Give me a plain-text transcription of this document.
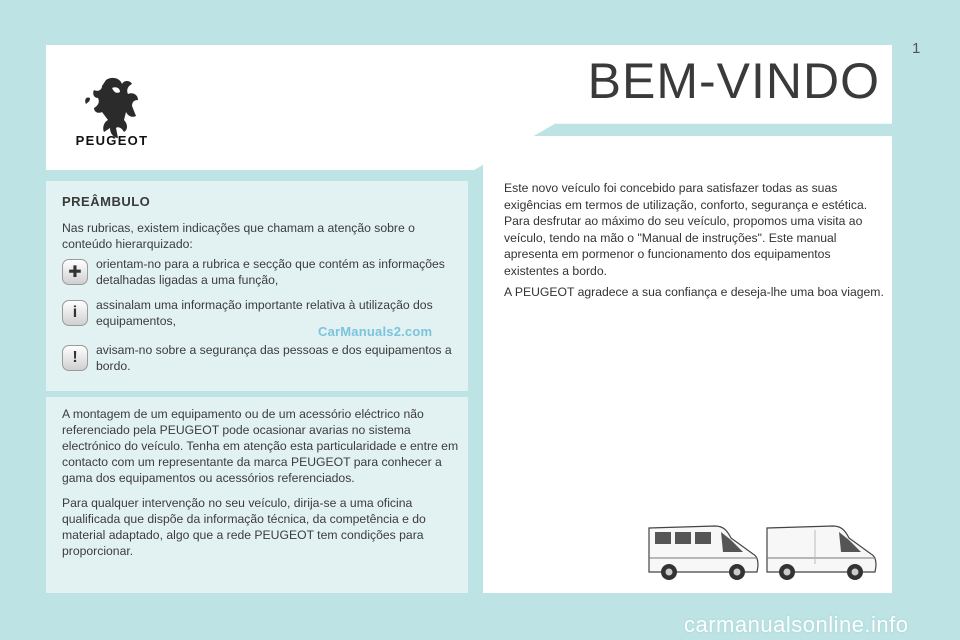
1
PEUGEOT
BEM-VINDO

Este novo veículo foi concebido para satisfazer todas as suas exigências em termos de utilização, conforto, segurança e estética. Para desfrutar ao máximo do seu veículo, propomos uma visita ao veículo, tendo na mão o "Manual de instruções". Este manual apresenta em pormenor o funcionamento dos equipamentos existentes a bordo.

A PEUGEOT agradece a sua confiança e deseja-lhe uma boa viagem.

PREÂMBULO
Nas rubricas, existem indicações que chamam a atenção sobre o conteúdo hierarquizado:
✚	orientam-no para a rubrica e secção que contém as informações detalhadas ligadas a uma função,
i	assinalam uma informação importante relativa à utilização dos equipamentos,
!	avisam-no sobre a segurança das pessoas e dos equipamentos a bordo.
CarManuals2.com

A montagem de um equipamento ou de um acessório eléctrico não referenciado pela PEUGEOT pode ocasionar avarias no sistema electrónico do veículo. Tenha em atenção esta particularidade e entre em contacto com um representante da marca PEUGEOT para conhecer a gama dos equipamentos ou acessórios referenciados.

Para qualquer intervenção no seu veículo, dirija-se a uma oficina qualificada que dispõe da informação técnica, da competência e do material adaptado, algo que a rede PEUGEOT tem condições para proporcionar.

carmanualsonline.info
